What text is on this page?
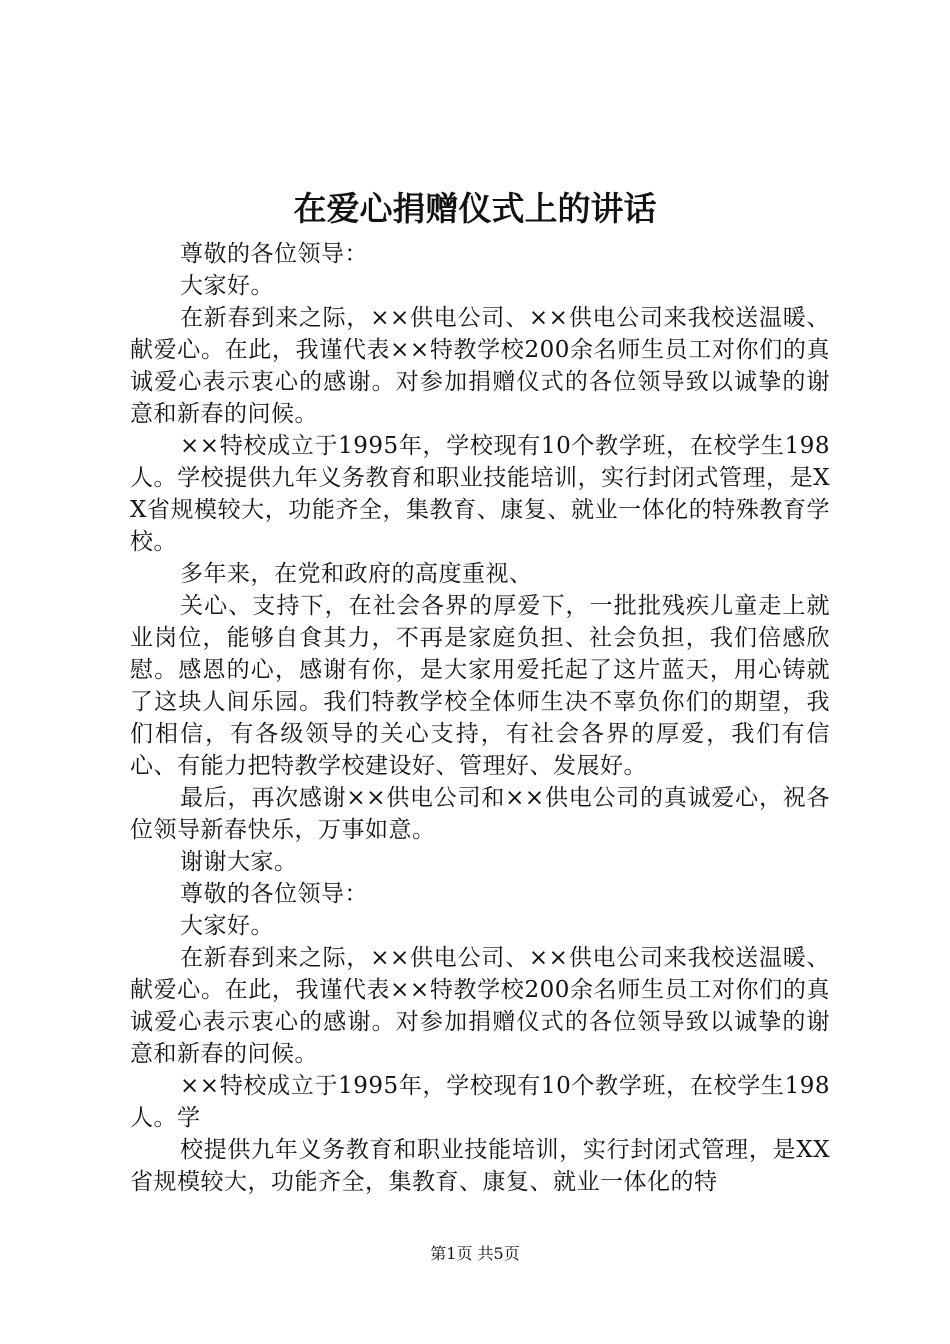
在爱心捐赠仪式上的讲话

尊敬的各位领导：

大家好。

在新春到来之际，××供电公司、××供电公司来我校送温暖、献爱心。在此，我谨代表××特教学校200余名师生员工对你们的真诚爱心表示衷心的感谢。对参加捐赠仪式的各位领导致以诚挚的谢意和新春的问候。

××特校成立于1995年，学校现有10个教学班，在校学生198人。学校提供九年义务教育和职业技能培训，实行封闭式管理，是XX省规模较大，功能齐全，集教育、康复、就业一体化的特殊教育学校。

多年来，在党和政府的高度重视、

关心、支持下，在社会各界的厚爱下，一批批残疾儿童走上就业岗位，能够自食其力，不再是家庭负担、社会负担，我们倍感欣慰。感恩的心，感谢有你，是大家用爱托起了这片蓝天，用心铸就了这块人间乐园。我们特教学校全体师生决不辜负你们的期望，我们相信，有各级领导的关心支持，有社会各界的厚爱，我们有信心、有能力把特教学校建设好、管理好、发展好。

最后，再次感谢××供电公司和××供电公司的真诚爱心，祝各位领导新春快乐，万事如意。

谢谢大家。

尊敬的各位领导：

大家好。

在新春到来之际，××供电公司、××供电公司来我校送温暖、献爱心。在此，我谨代表××特教学校200余名师生员工对你们的真诚爱心表示衷心的感谢。对参加捐赠仪式的各位领导致以诚挚的谢意和新春的问候。

××特校成立于1995年，学校现有10个教学班，在校学生198人。学

校提供九年义务教育和职业技能培训，实行封闭式管理，是XX省规模较大，功能齐全，集教育、康复、就业一体化的特

第1页 共5页
